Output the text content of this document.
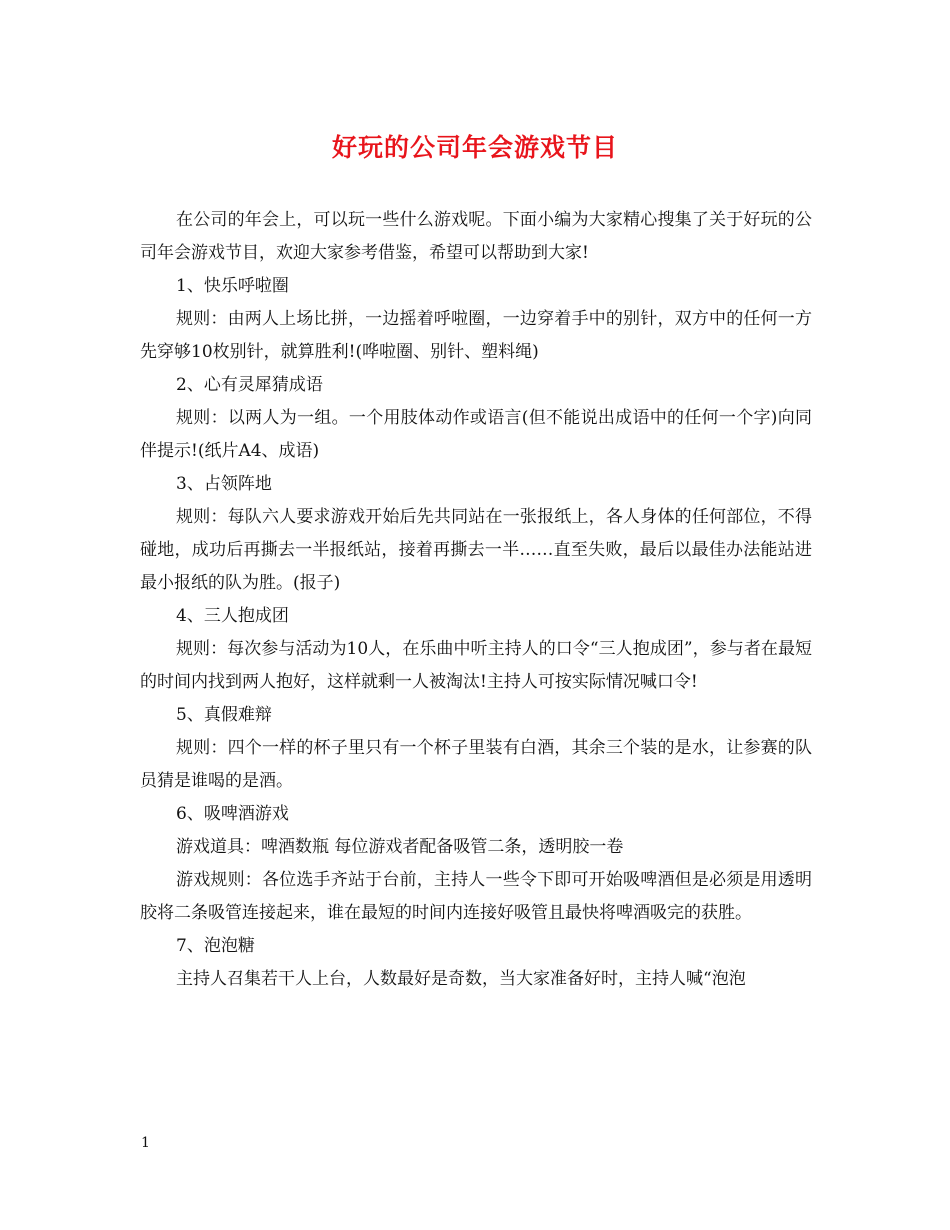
好玩的公司年会游戏节目

在公司的年会上，可以玩一些什么游戏呢。下面小编为大家精心搜集了关于好玩的公司年会游戏节目，欢迎大家参考借鉴，希望可以帮助到大家!

1、快乐呼啦圈

规则：由两人上场比拼，一边摇着呼啦圈，一边穿着手中的别针，双方中的任何一方先穿够10枚别针，就算胜利!(哗啦圈、别针、塑料绳)

2、心有灵犀猜成语

规则：以两人为一组。一个用肢体动作或语言(但不能说出成语中的任何一个字)向同伴提示!(纸片A4、成语)

3、占领阵地

规则：每队六人要求游戏开始后先共同站在一张报纸上，各人身体的任何部位，不得碰地，成功后再撕去一半报纸站，接着再撕去一半……直至失败，最后以最佳办法能站进最小报纸的队为胜。(报子)

4、三人抱成团

规则：每次参与活动为10人，在乐曲中听主持人的口令“三人抱成团”，参与者在最短的时间内找到两人抱好，这样就剩一人被淘汰!主持人可按实际情况喊口令!

5、真假难辩

规则：四个一样的杯子里只有一个杯子里装有白酒，其余三个装的是水，让参赛的队员猜是谁喝的是酒。

6、吸啤酒游戏

游戏道具：啤酒数瓶 每位游戏者配备吸管二条，透明胶一卷

游戏规则：各位选手齐站于台前，主持人一些令下即可开始吸啤酒但是必须是用透明胶将二条吸管连接起来，谁在最短的时间内连接好吸管且最快将啤酒吸完的获胜。

7、泡泡糖

主持人召集若干人上台，人数最好是奇数，当大家准备好时，主持人喊“泡泡

1
